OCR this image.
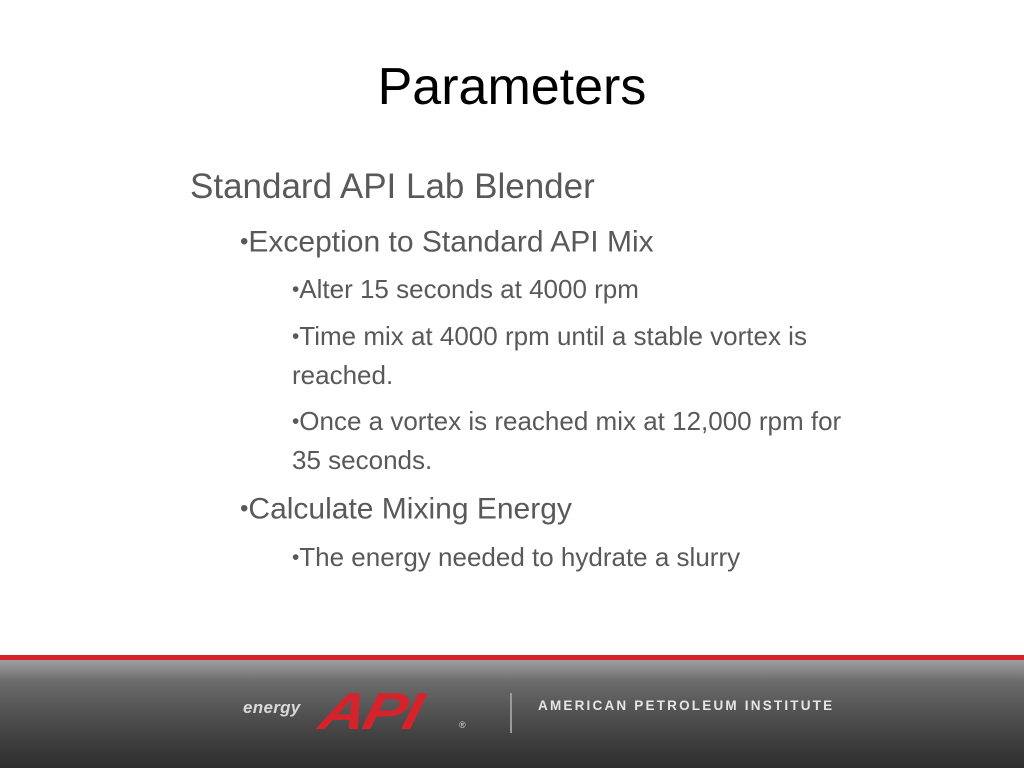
Parameters
Standard API Lab Blender
•Exception to Standard API Mix
•Alter 15 seconds at 4000 rpm
•Time mix at 4000 rpm until a stable vortex is reached.
•Once a vortex is reached mix at 12,000 rpm for 35 seconds.
•Calculate Mixing Energy
•The energy needed to hydrate a slurry
energy API	®
AMERICAN PETROLEUM INSTITUTE
